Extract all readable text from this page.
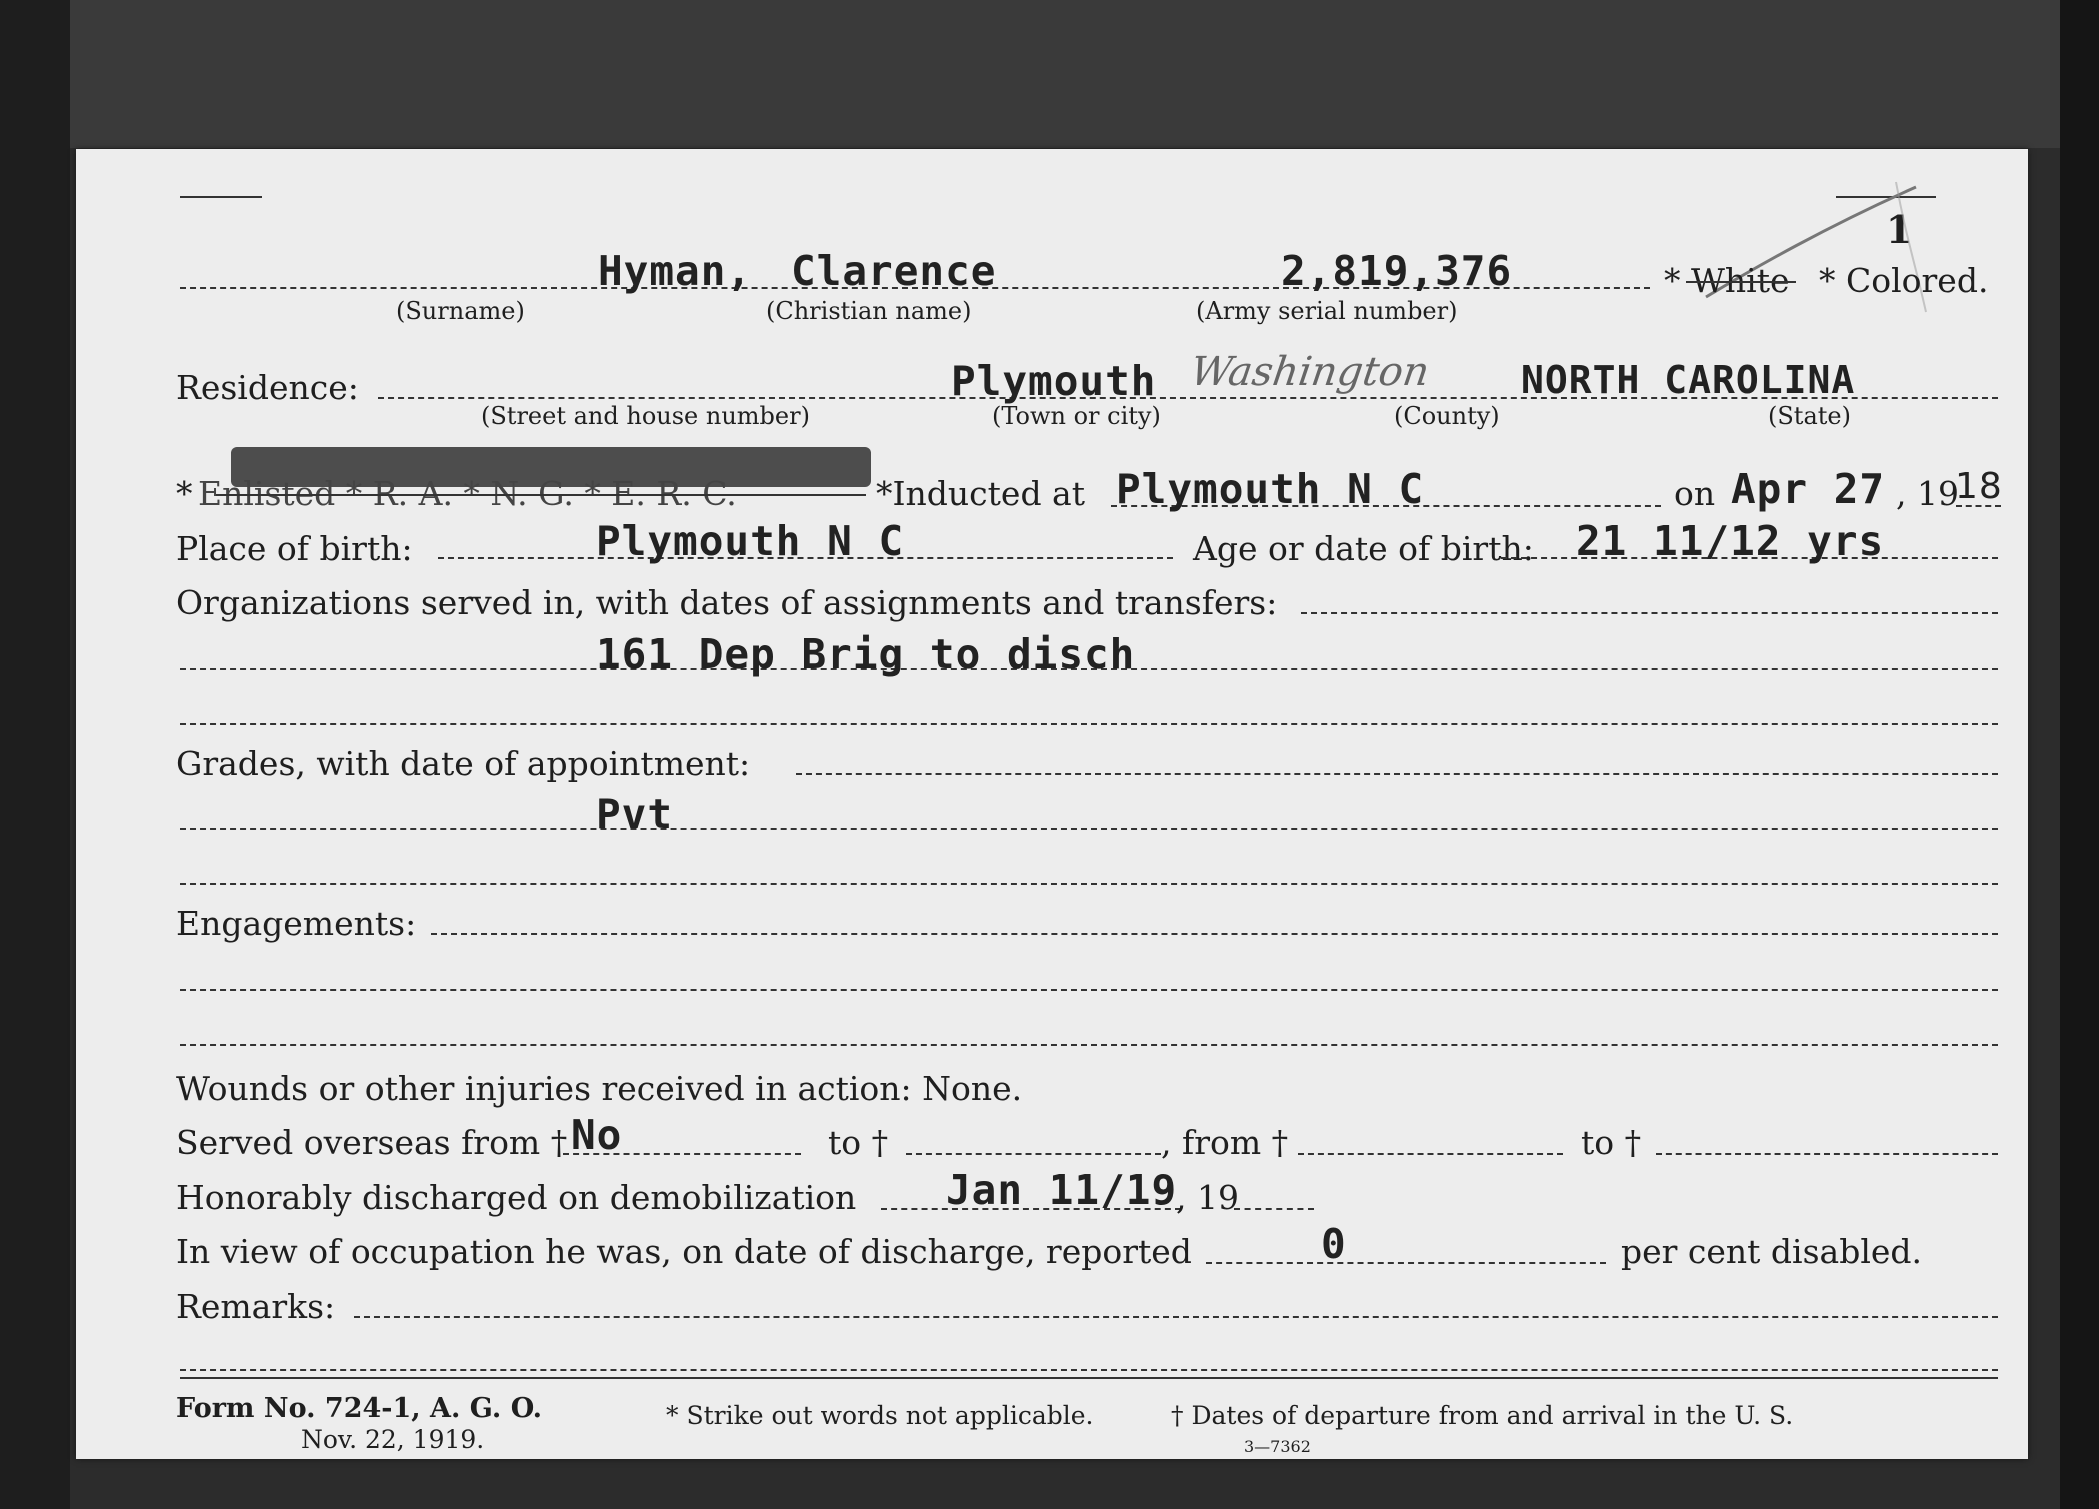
1
Hyman, Clarence	2,819,376	* White * Colored.
(Surname)	(Christian name)	(Army serial number)
Residence:	Plymouth Washington NORTH CAROLINA
(Street and house number)	(Town or city)	(County)	(State)
* Enlisted * R. A. * N. G. * E. R. C.	*Inducted at Plymouth N C	on Apr 27 , 19
18
Place of birth:	Plymouth N C	Age or date of birth: 21 11/12 yrs
Organizations served in, with dates of assignments and transfers:
161 Dep Brig to disch
Grades, with date of appointment:
Pvt
Engagements:
Wounds or other injuries received in action: None.
Served overseas from † No	to †	, from †	to †
Honorably discharged on demobilization Jan 11/19
, 19
In view of occupation he was, on date of discharge, reported	0	per cent disabled.
Remarks:
Form No. 724-1, A. G. O.
Nov. 22, 1919.
* Strike out words not applicable.	† Dates of departure from and arrival in the U. S.
3—7362
